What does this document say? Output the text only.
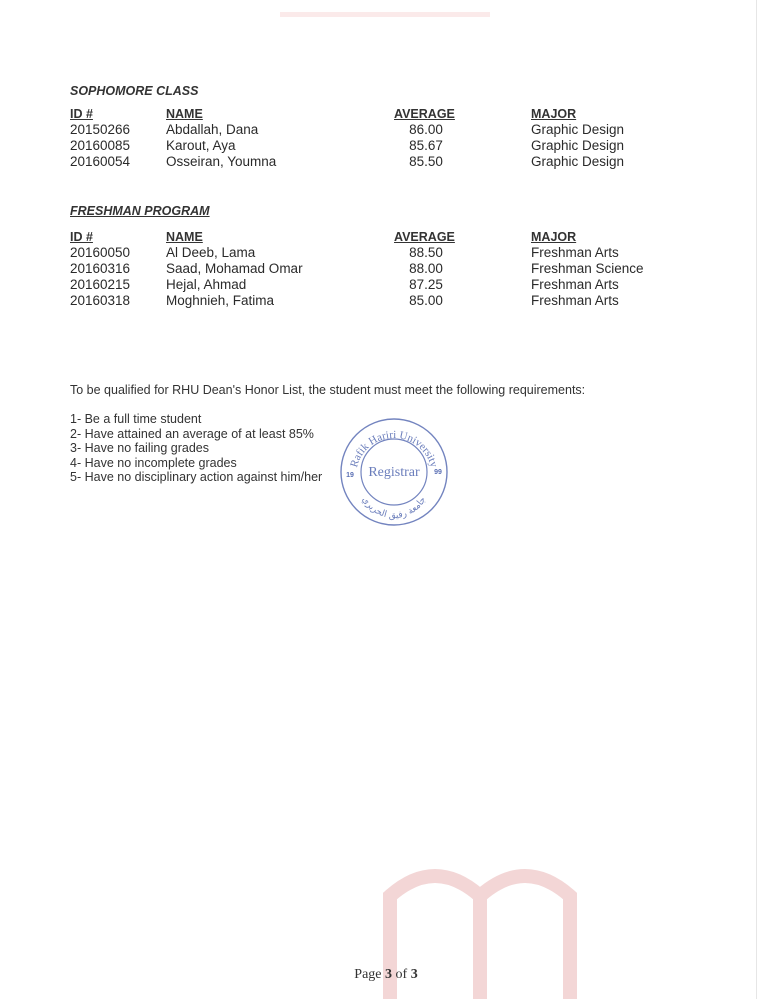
SOPHOMORE CLASS
ID #	NAME	AVERAGE	MAJOR
20150266	Abdallah, Dana	86.00	Graphic Design
20160085	Karout, Aya	85.67	Graphic Design
20160054	Osseiran, Youmna	85.50	Graphic Design
FRESHMAN PROGRAM
ID #	NAME	AVERAGE	MAJOR
20160050	Al Deeb, Lama	88.50	Freshman Arts
20160316	Saad, Mohamad Omar	88.00	Freshman Science
20160215	Hejal, Ahmad	87.25	Freshman Arts
20160318	Moghnieh, Fatima	85.00	Freshman Arts
To be qualified for RHU Dean's Honor List, the student must meet the following requirements:
1- Be a full time student
2- Have attained an average of at least 85%
3- Have no failing grades
4- Have no incomplete grades
5- Have no disciplinary action against him/her
Rafik Hariri University
Registrar
19	99
جامعة رفيق الحريري
Page 3 of 3
